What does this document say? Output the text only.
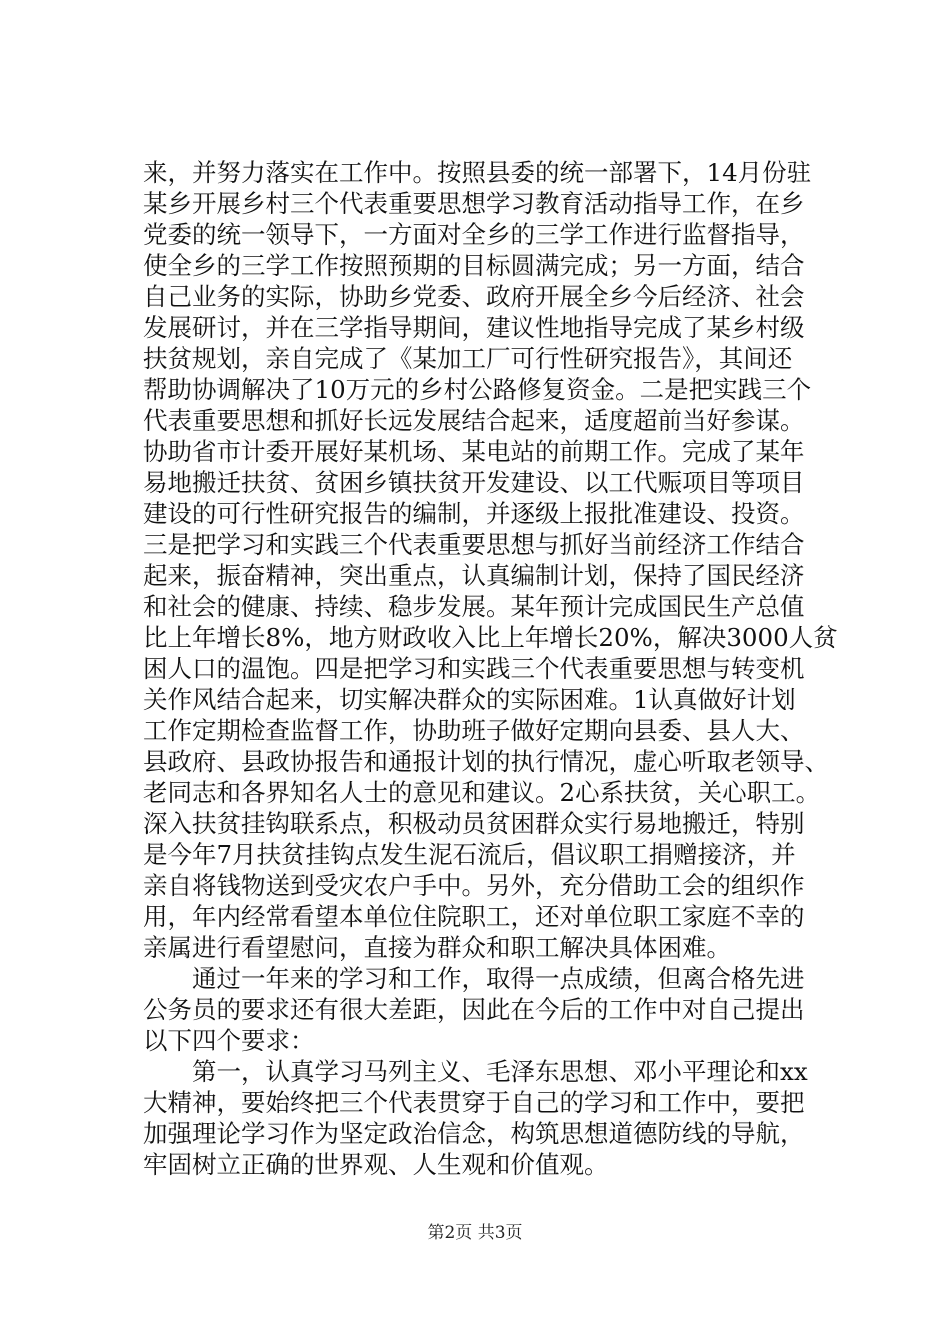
来，并努力落实在工作中。按照县委的统一部署下，14月份驻
某乡开展乡村三个代表重要思想学习教育活动指导工作，在乡
党委的统一领导下，一方面对全乡的三学工作进行监督指导，
使全乡的三学工作按照预期的目标圆满完成；另一方面，结合
自己业务的实际，协助乡党委、政府开展全乡今后经济、社会
发展研讨，并在三学指导期间，建议性地指导完成了某乡村级
扶贫规划，亲自完成了《某加工厂可行性研究报告》，其间还
帮助协调解决了10万元的乡村公路修复资金。二是把实践三个
代表重要思想和抓好长远发展结合起来，适度超前当好参谋。
协助省市计委开展好某机场、某电站的前期工作。完成了某年
易地搬迁扶贫、贫困乡镇扶贫开发建设、以工代赈项目等项目
建设的可行性研究报告的编制，并逐级上报批准建设、投资。
三是把学习和实践三个代表重要思想与抓好当前经济工作结合
起来，振奋精神，突出重点，认真编制计划，保持了国民经济
和社会的健康、持续、稳步发展。某年预计完成国民生产总值
比上年增长8%，地方财政收入比上年增长20%，解决3000人贫
困人口的温饱。四是把学习和实践三个代表重要思想与转变机
关作风结合起来，切实解决群众的实际困难。1认真做好计划
工作定期检查监督工作，协助班子做好定期向县委、县人大、
县政府、县政协报告和通报计划的执行情况，虚心听取老领导、
老同志和各界知名人士的意见和建议。2心系扶贫，关心职工。
深入扶贫挂钩联系点，积极动员贫困群众实行易地搬迁，特别
是今年7月扶贫挂钩点发生泥石流后，倡议职工捐赠接济，并
亲自将钱物送到受灾农户手中。另外，充分借助工会的组织作
用，年内经常看望本单位住院职工，还对单位职工家庭不幸的
亲属进行看望慰问，直接为群众和职工解决具体困难。
　　通过一年来的学习和工作，取得一点成绩，但离合格先进
公务员的要求还有很大差距，因此在今后的工作中对自己提出
以下四个要求：
　　第一，认真学习马列主义、毛泽东思想、邓小平理论和xx
大精神，要始终把三个代表贯穿于自己的学习和工作中，要把
加强理论学习作为坚定政治信念，构筑思想道德防线的导航，
牢固树立正确的世界观、人生观和价值观。
第2页 共3页
